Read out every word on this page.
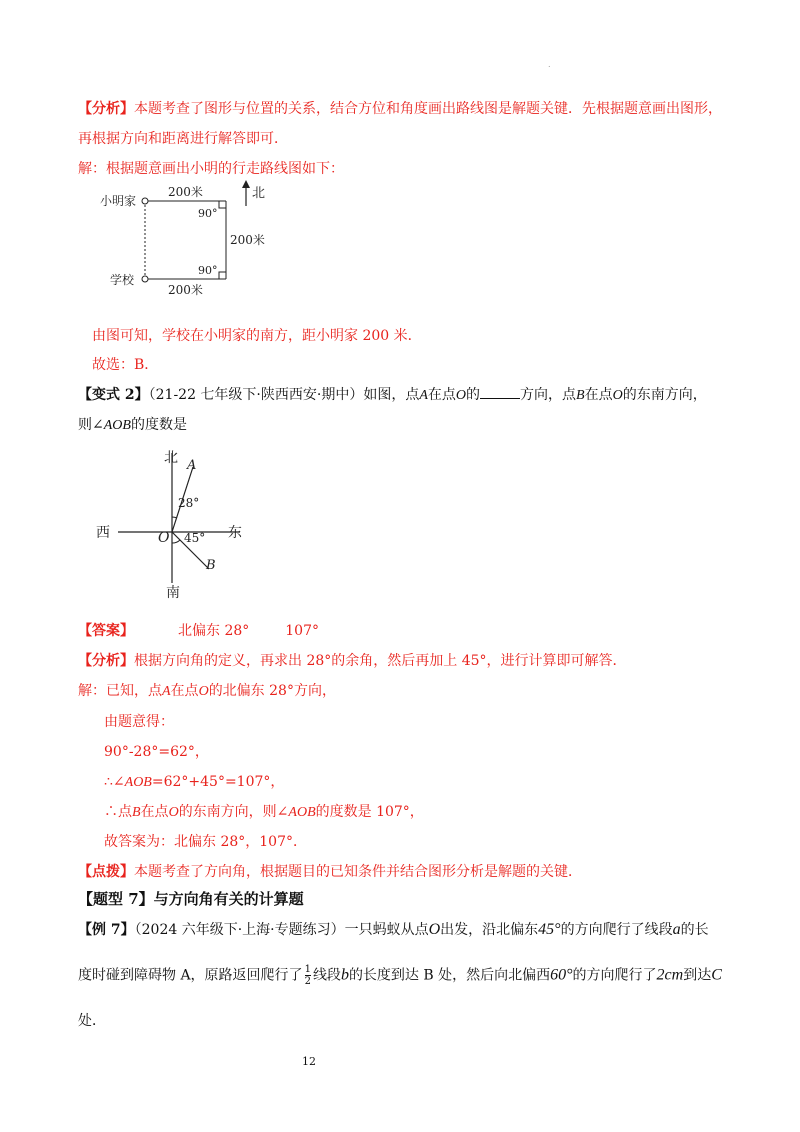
.
【分析】本题考查了图形与位置的关系，结合方位和角度画出路线图是解题关键．先根据题意画出图形，
再根据方向和距离进行解答即可．
解：根据题意画出小明的行走路线图如下：
北
小明家
学校
200米
200米
200米
90°
90°
由图可知，学校在小明家的南方，距小明家 200 米．
故选：B．
【变式 2】（21-22 七年级下·陕西西安·期中）如图，点A在点O的	方向，点B在点O的东南方向，
则∠AOB的度数是
北
南
西	东
O
A
B
28°
45°
【答案】	北偏东 28°	107°
【分析】根据方向角的定义，再求出 28°的余角，然后再加上 45°，进行计算即可解答．
解：已知，点A在点O的北偏东 28°方向，
由题意得：
90°-28°=62°，
∴∠AOB=62°+45°=107°，
∴点B在点O的东南方向，则∠AOB的度数是 107°，
故答案为：北偏东 28°，107°．
【点拨】本题考查了方向角，根据题目的已知条件并结合图形分析是解题的关键．
【题型 7】与方向角有关的计算题
【例 7】（2024 六年级下·上海·专题练习）一只蚂蚁从点O出发，沿北偏东45°的方向爬行了线段a的长
度时碰到障碍物 A，原路返回爬行了 $\frac{1}{2}$ 线段b的长度到达 B 处，然后向北偏西60°的方向爬行了2cm到达C
处．
12
